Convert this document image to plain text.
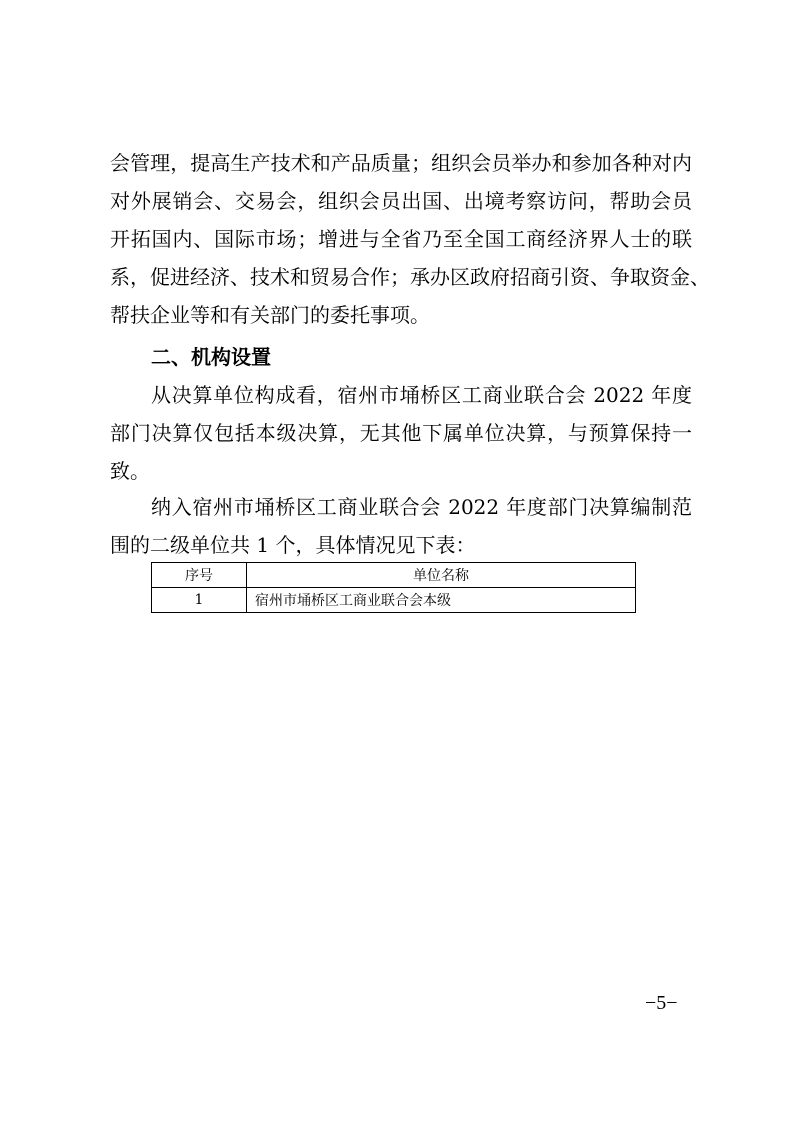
会管理，提高生产技术和产品质量；组织会员举办和参加各种对内
对外展销会、交易会，组织会员出国、出境考察访问，帮助会员
开拓国内、国际市场；增进与全省乃至全国工商经济界人士的联
系，促进经济、技术和贸易合作；承办区政府招商引资、争取资金、
帮扶企业等和有关部门的委托事项。
二、机构设置
从决算单位构成看，宿州市埇桥区工商业联合会 2022 年度
部门决算仅包括本级决算，无其他下属单位决算，与预算保持一
致。
纳入宿州市埇桥区工商业联合会 2022 年度部门决算编制范
围的二级单位共 1 个，具体情况见下表：
序号	单位名称
1	宿州市埇桥区工商业联合会本级
−5−
